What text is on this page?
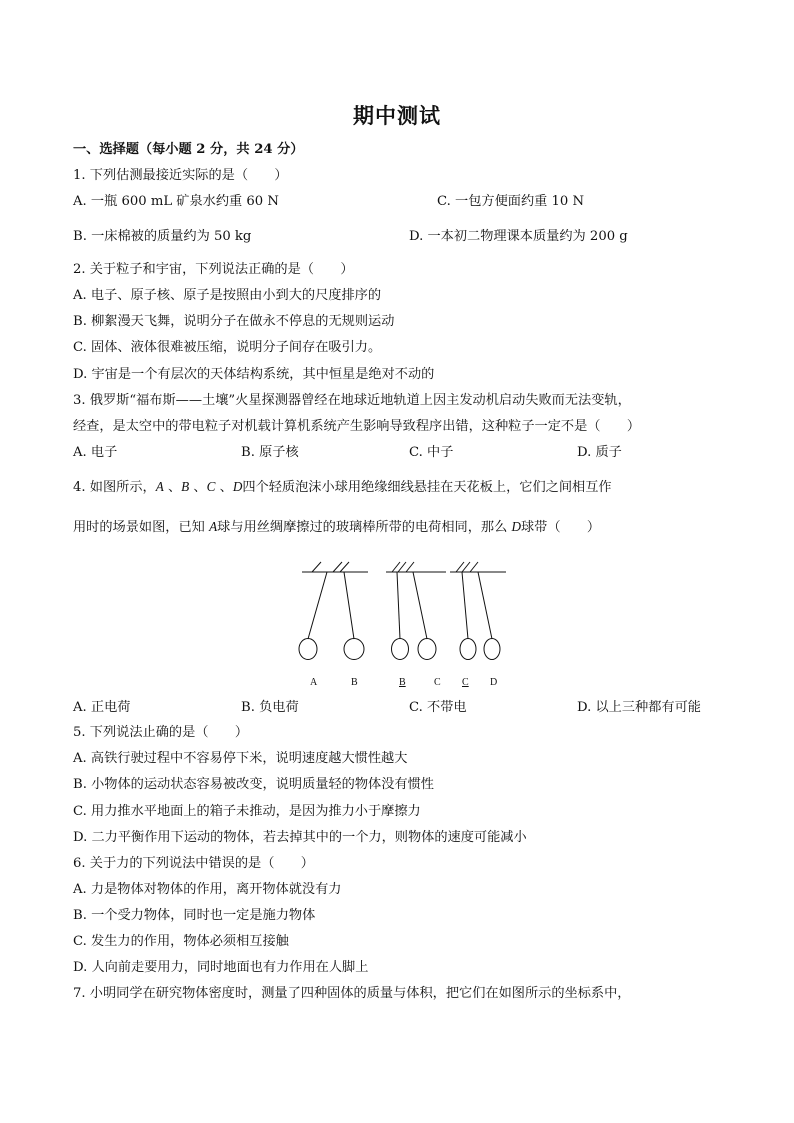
期中测试
一、选择题（每小题 2 分，共 24 分）
1. 下列估测最接近实际的是（　　）
A. 一瓶 600 mL 矿泉水约重 60 N	C. 一包方便面约重 10 N
B. 一床棉被的质量约为 50 kg	D. 一本初二物理课本质量约为 200 g
2. 关于粒子和宇宙，下列说法正确的是（　　）
A. 电子、原子核、原子是按照由小到大的尺度排序的
B. 柳絮漫天飞舞，说明分子在做永不停息的无规则运动
C. 固体、液体很难被压缩，说明分子间存在吸引力。
D. 宇宙是一个有层次的天体结构系统，其中恒星是绝对不动的
3. 俄罗斯“福布斯——土壤”火星探测器曾经在地球近地轨道上因主发动机启动失败而无法变轨，
经查，是太空中的带电粒子对机载计算机系统产生影响导致程序出错，这种粒子一定不是（　　）
A. 电子	B. 原子核	C. 中子	D. 质子
4. 如图所示，A 、B 、C 、D四个轻质泡沫小球用绝缘细线悬挂在天花板上，它们之间相互作
用时的场景如图，已知 A球与用丝绸摩擦过的玻璃棒所带的电荷相同，那么 D球带（　　）
A	B	B	C C D
A. 正电荷	B. 负电荷	C. 不带电	D. 以上三种都有可能
5. 下列说法止确的是（　　）
A. 高铁行驶过程中不容易停下米，说明速度越大惯性越大
B. 小物体的运动状态容易被改变，说明质量轻的物体没有惯性
C. 用力推水平地面上的箱子未推动，是因为推力小于摩擦力
D. 二力平衡作用下运动的物体，若去掉其中的一个力，则物体的速度可能减小
6. 关于力的下列说法中错误的是（　　）
A. 力是物体对物体的作用，离开物体就没有力
B. 一个受力物体，同时也一定是施力物体
C. 发生力的作用，物体必须相互接触
D. 人向前走要用力，同时地面也有力作用在人脚上
7. 小明同学在研究物体密度时，测量了四种固体的质量与体积，把它们在如图所示的坐标系中，
